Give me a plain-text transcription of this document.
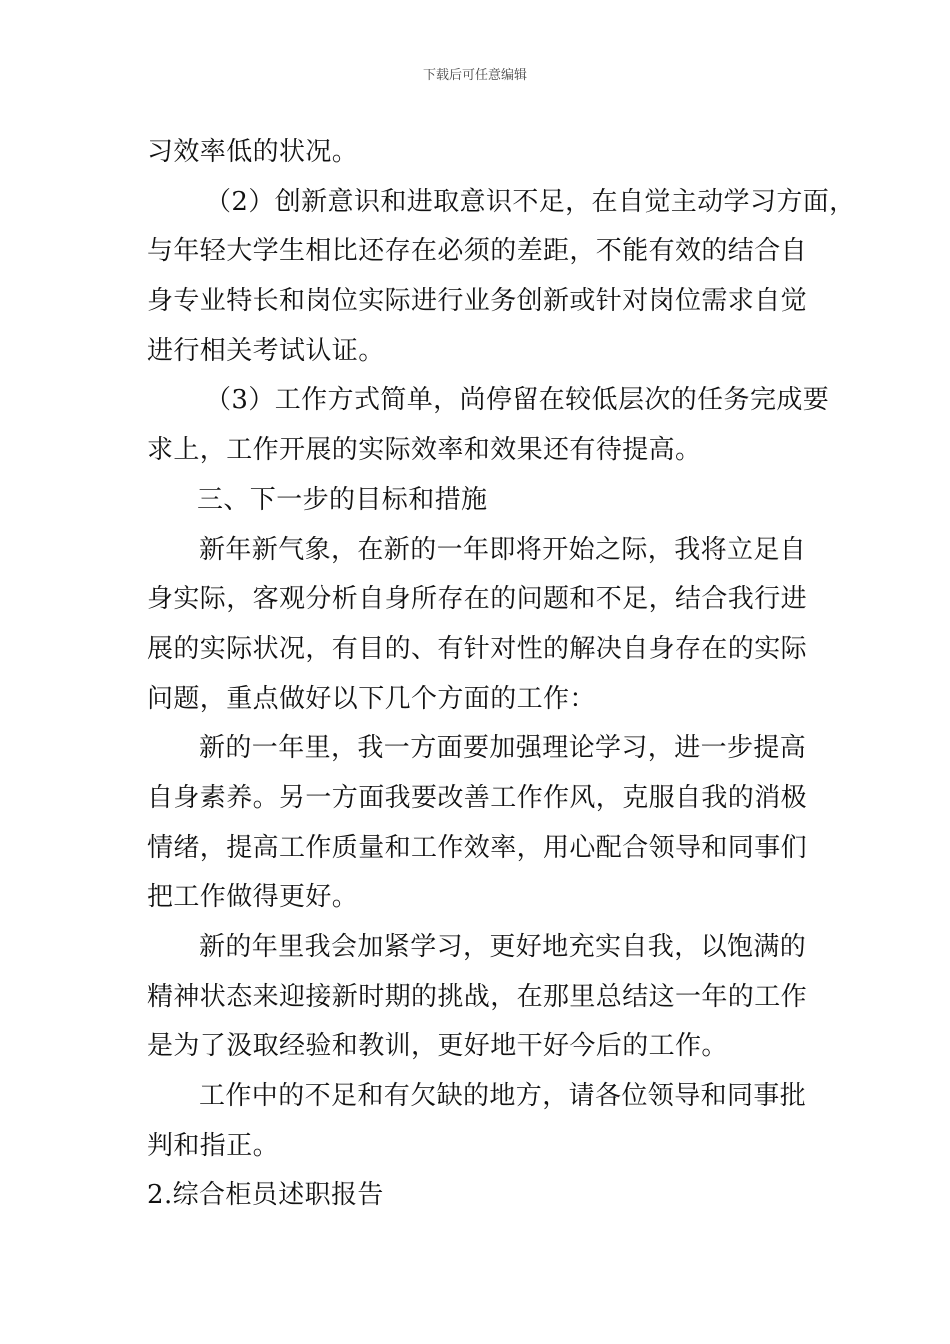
下载后可任意编辑
习效率低的状况。
（2）创新意识和进取意识不足，在自觉主动学习方面，
与年轻大学生相比还存在必须的差距，不能有效的结合自
身专业特长和岗位实际进行业务创新或针对岗位需求自觉
进行相关考试认证。
（3）工作方式简单，尚停留在较低层次的任务完成要
求上，工作开展的实际效率和效果还有待提高。
三、下一步的目标和措施
新年新气象，在新的一年即将开始之际，我将立足自
身实际，客观分析自身所存在的问题和不足，结合我行进
展的实际状况，有目的、有针对性的解决自身存在的实际
问题，重点做好以下几个方面的工作：
新的一年里，我一方面要加强理论学习，进一步提高
自身素养。另一方面我要改善工作作风，克服自我的消极
情绪，提高工作质量和工作效率，用心配合领导和同事们
把工作做得更好。
新的年里我会加紧学习，更好地充实自我，以饱满的
精神状态来迎接新时期的挑战，在那里总结这一年的工作
是为了汲取经验和教训，更好地干好今后的工作。
工作中的不足和有欠缺的地方，请各位领导和同事批
判和指正。
2.综合柜员述职报告
